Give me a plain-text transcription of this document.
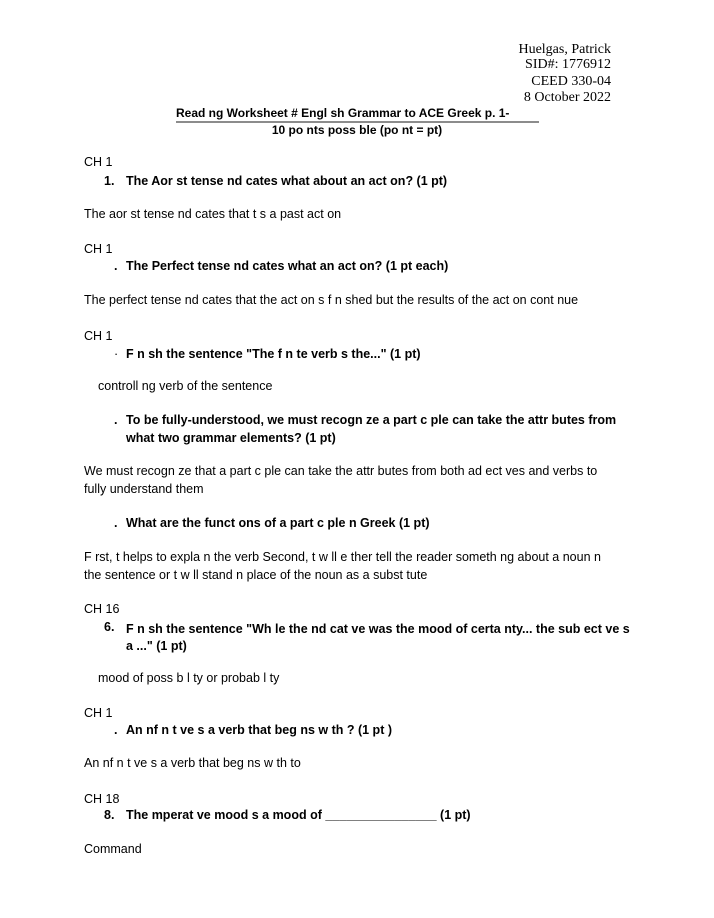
Huelgas, Patrick
SID#: 1776912
CEED 330-04
8 October 2022
Read ng Worksheet # Engl sh Grammar to ACE Greek p. 1-
10 po nts poss ble (po nt = pt)
CH 1
1. The Aor st tense nd cates what about an act on? (1 pt)
The aor st tense nd cates that t s a past act on
CH 1
. The Perfect tense nd cates what an act on? (1 pt each)
The perfect tense nd cates that the act on s f n shed but the results of the act on cont nue
CH 1
· F n sh the sentence "The f n te verb s the..." (1 pt)
controll ng verb of the sentence
. To be fully-understood, we must recogn ze a part c ple can take the attr butes from
what two grammar elements? (1 pt)
We must recogn ze that a part c ple can take the attr butes from both ad ect ves and verbs to
fully understand them
. What are the funct ons of a part c ple n Greek (1 pt)
F rst, t helps to expla n the verb Second, t w ll e ther tell the reader someth ng about a noun n
the sentence or t w ll stand n place of the noun as a subst tute
CH 16
6. F n sh the sentence "Wh le the nd cat ve was the mood of certa nty... the sub ect ve s
a ..." (1 pt)
mood of poss b l ty or probab l ty
CH 1
. An nf n t ve s a verb that beg ns w th ? (1 pt )
An nf n t ve s a verb that beg ns w th to
CH 18
8. The mperat ve mood s a mood of ________________ (1 pt)
Command
